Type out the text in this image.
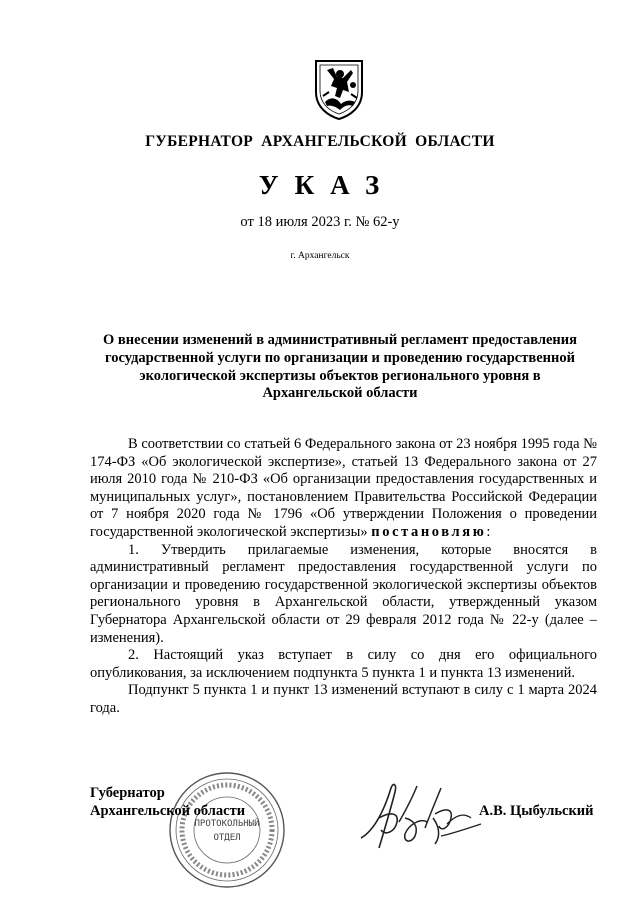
ГУБЕРНАТОР АРХАНГЕЛЬСКОЙ ОБЛАСТИ
УКАЗ
от 18 июля 2023 г. № 62-у
г. Архангельск
О внесении изменений в административный регламент предоставления государственной услуги по организации и проведению государственной экологической экспертизы объектов регионального уровня в Архангельской области

В соответствии со статьей 6 Федерального закона от 23 ноября 1995 года № 174-ФЗ «Об экологической экспертизе», статьей 13 Федерального закона от 27 июля 2010 года № 210-ФЗ «Об организации предоставления государственных и муниципальных услуг», постановлением Правительства Российской Федерации от 7 ноября 2020 года № 1796 «Об утверждении Положения о проведении государственной экологической экспертизы» постановляю:

1. Утвердить прилагаемые изменения, которые вносятся в административный регламент предоставления государственной услуги по организации и проведению государственной экологической экспертизы объектов регионального уровня в Архангельской области, утвержденный указом Губернатора Архангельской области от 29 февраля 2012 года № 22-у (далее – изменения).

2. Настоящий указ вступает в силу со дня его официального опубликования, за исключением подпункта 5 пункта 1 и пункта 13 изменений.

Подпункт 5 пункта 1 и пункт 13 изменений вступают в силу с 1 марта 2024 года.

ПРОТОКОЛЬНЫЙ
ОТДЕЛ
Губернатор
Архангельской области	А.В. Цыбульский
